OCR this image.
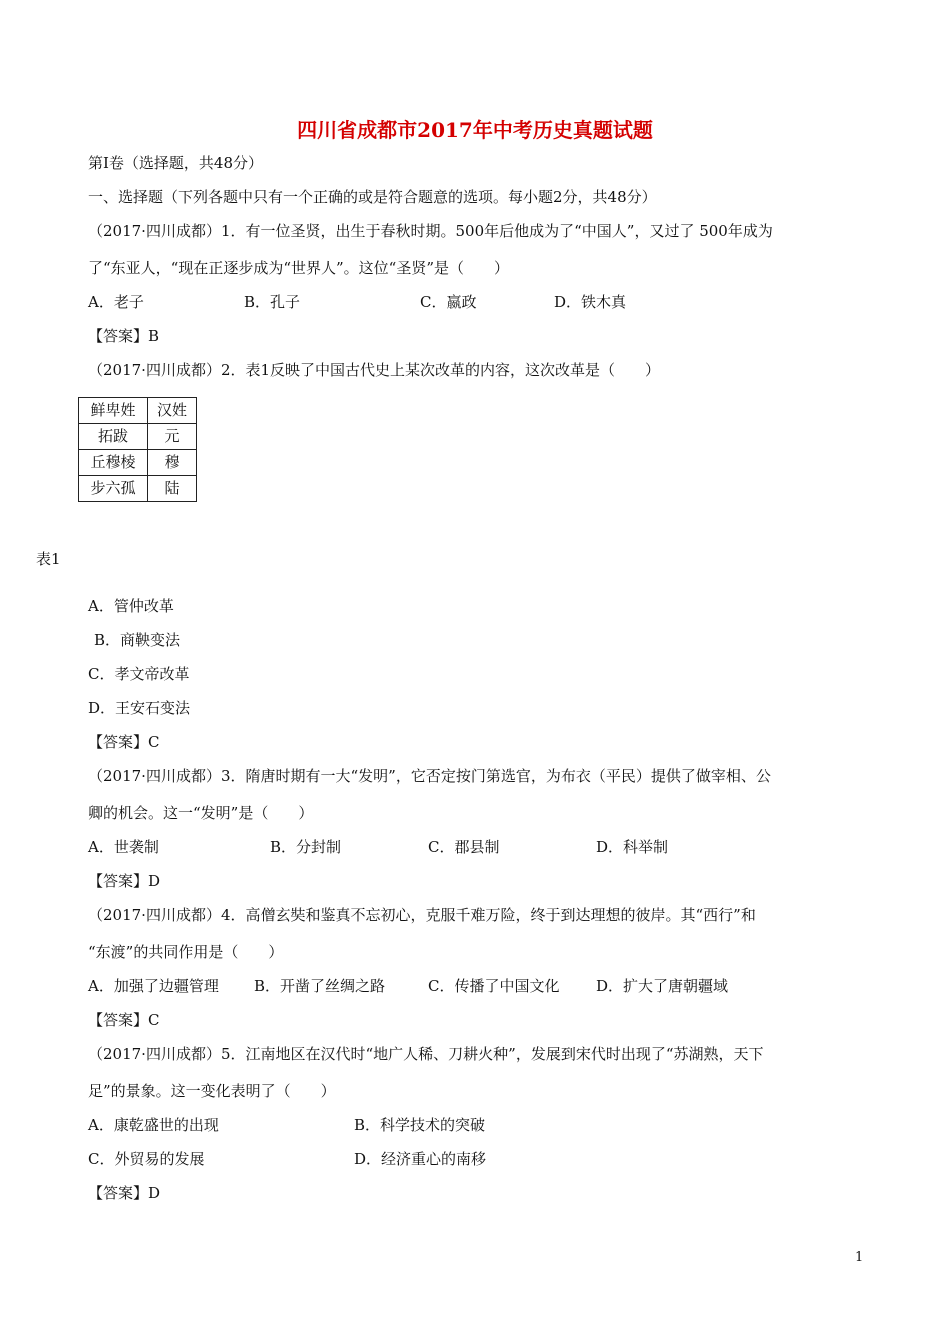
四川省成都市2017年中考历史真题试题
第Ⅰ卷（选择题，共48分）
一、选择题（下列各题中只有一个正确的或是符合题意的选项。每小题2分，共48分）
（2017·四川成都）1．有一位圣贤，出生于春秋时期。500年后他成为了“中国人”，又过了 500年成为
了“东亚人，“现在正逐步成为“世界人”。这位“圣贤”是（　　）
A．老子	B．孔子	C．嬴政	D．铁木真
【答案】B
（2017·四川成都）2．表1反映了中国古代史上某次改革的内容，这次改革是（　　）
鲜卑姓	汉姓
拓跋	元
丘穆棱	穆
步六孤	陆
表1
A．管仲改革
B．商鞅变法
C．孝文帝改革
D．王安石变法
【答案】C
（2017·四川成都）3．隋唐时期有一大“发明”，它否定按门第选官，为布衣（平民）提供了做宰相、公
卿的机会。这一“发明”是（　　）
A．世袭制	B．分封制	C．郡县制	D．科举制
【答案】D
（2017·四川成都）4．高僧玄奘和鉴真不忘初心，克服千难万险，终于到达理想的彼岸。其“西行”和
“东渡”的共同作用是（　　）
A．加强了边疆管理 B．开凿了丝绸之路	C．传播了中国文化 D．扩大了唐朝疆域
【答案】C
（2017·四川成都）5．江南地区在汉代时“地广人稀、刀耕火种”，发展到宋代时出现了“苏湖熟，天下
足”的景象。这一变化表明了（　　）
A．康乾盛世的出现	B．科学技术的突破
C．外贸易的发展	D．经济重心的南移
【答案】D
1
